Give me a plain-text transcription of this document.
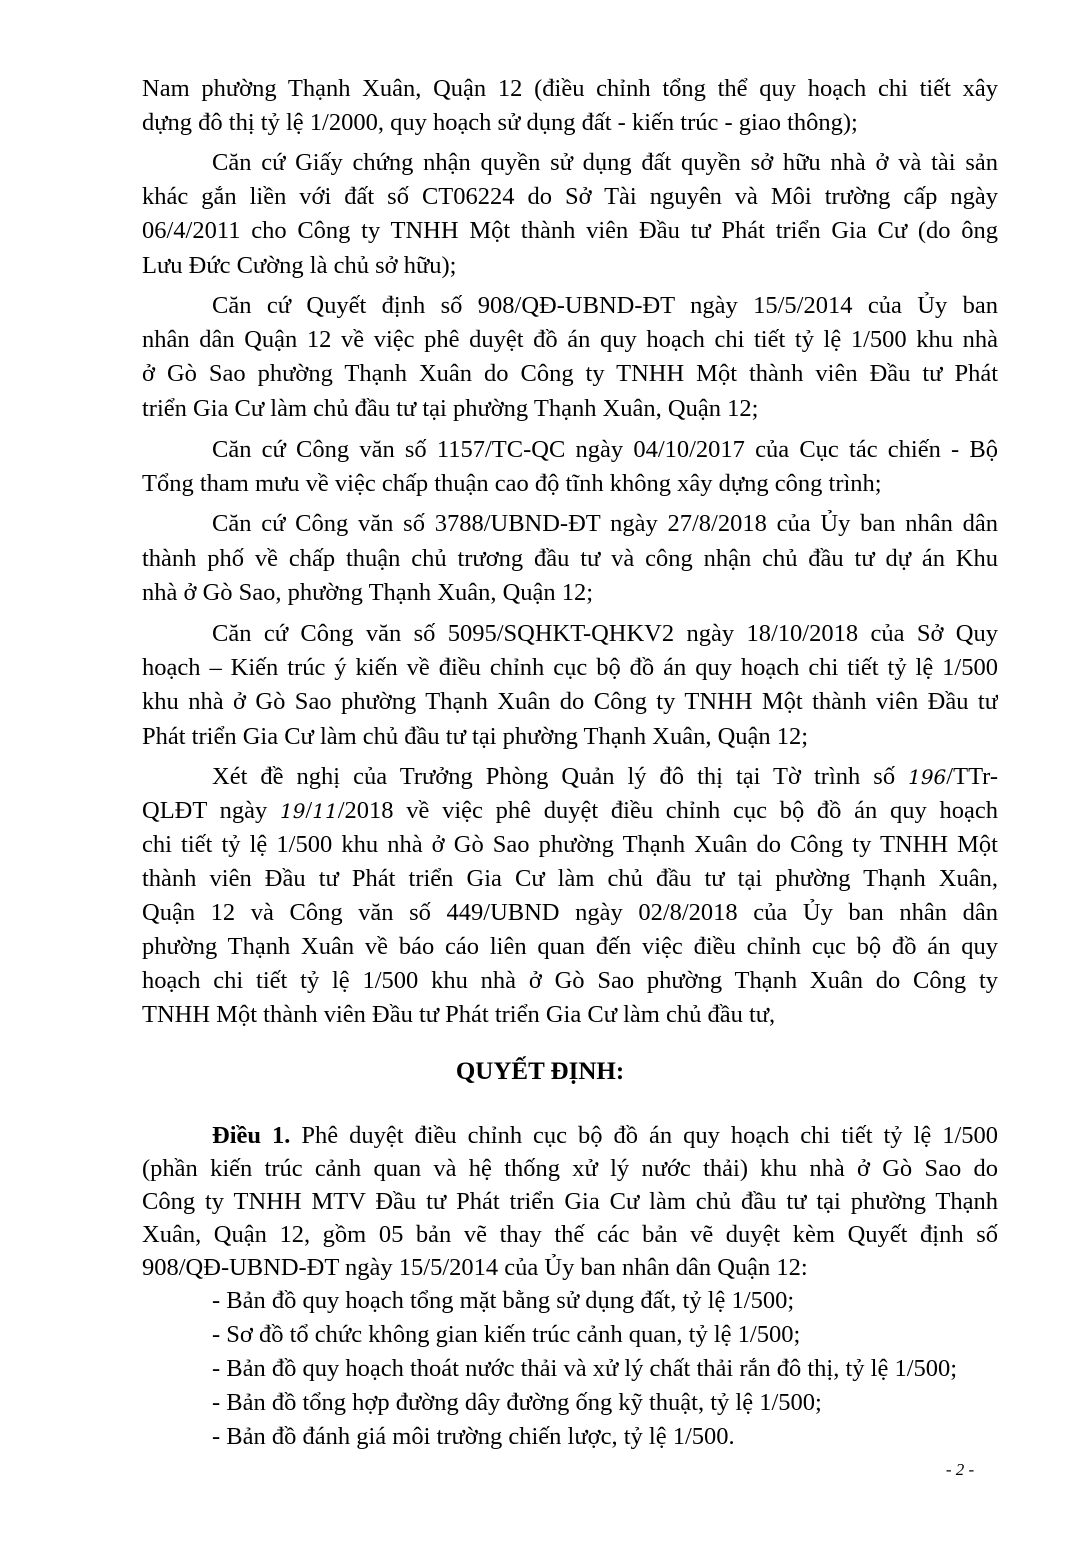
Nam phường Thạnh Xuân, Quận 12 (điều chỉnh tổng thể quy hoạch chi tiết xây
dựng đô thị tỷ lệ 1/2000, quy hoạch sử dụng đất - kiến trúc - giao thông);
Căn cứ Giấy chứng nhận quyền sử dụng đất quyền sở hữu nhà ở và tài sản
khác gắn liền với đất số CT06224 do Sở Tài nguyên và Môi trường cấp ngày
06/4/2011 cho Công ty TNHH Một thành viên Đầu tư Phát triển Gia Cư (do ông
Lưu Đức Cường là chủ sở hữu);
Căn cứ Quyết định số 908/QĐ-UBND-ĐT ngày 15/5/2014 của Ủy ban
nhân dân Quận 12 về việc phê duyệt đồ án quy hoạch chi tiết tỷ lệ 1/500 khu nhà
ở Gò Sao phường Thạnh Xuân do Công ty TNHH Một thành viên Đầu tư Phát
triển Gia Cư làm chủ đầu tư tại phường Thạnh Xuân, Quận 12;
Căn cứ Công văn số 1157/TC-QC ngày 04/10/2017 của Cục tác chiến - Bộ
Tổng tham mưu về việc chấp thuận cao độ tĩnh không xây dựng công trình;
Căn cứ Công văn số 3788/UBND-ĐT ngày 27/8/2018 của Ủy ban nhân dân
thành phố về chấp thuận chủ trương đầu tư và công nhận chủ đầu tư dự án Khu
nhà ở Gò Sao, phường Thạnh Xuân, Quận 12;
Căn cứ Công văn số 5095/SQHKT-QHKV2 ngày 18/10/2018 của Sở Quy
hoạch – Kiến trúc ý kiến về điều chỉnh cục bộ đồ án quy hoạch chi tiết tỷ lệ 1/500
khu nhà ở Gò Sao phường Thạnh Xuân do Công ty TNHH Một thành viên Đầu tư
Phát triển Gia Cư làm chủ đầu tư tại phường Thạnh Xuân, Quận 12;
Xét đề nghị của Trưởng Phòng Quản lý đô thị tại Tờ trình số 196/TTr-
QLĐT ngày 19/11/2018 về việc phê duyệt điều chỉnh cục bộ đồ án quy hoạch
chi tiết tỷ lệ 1/500 khu nhà ở Gò Sao phường Thạnh Xuân do Công ty TNHH Một
thành viên Đầu tư Phát triển Gia Cư làm chủ đầu tư tại phường Thạnh Xuân,
Quận 12 và Công văn số 449/UBND ngày 02/8/2018 của Ủy ban nhân dân
phường Thạnh Xuân về báo cáo liên quan đến việc điều chỉnh cục bộ đồ án quy
hoạch chi tiết tỷ lệ 1/500 khu nhà ở Gò Sao phường Thạnh Xuân do Công ty
TNHH Một thành viên Đầu tư Phát triển Gia Cư làm chủ đầu tư,
QUYẾT ĐỊNH:
Điều 1. Phê duyệt điều chỉnh cục bộ đồ án quy hoạch chi tiết tỷ lệ 1/500
(phần kiến trúc cảnh quan và hệ thống xử lý nước thải) khu nhà ở Gò Sao do
Công ty TNHH MTV Đầu tư Phát triển Gia Cư làm chủ đầu tư tại phường Thạnh
Xuân, Quận 12, gồm 05 bản vẽ thay thế các bản vẽ duyệt kèm Quyết định số
908/QĐ-UBND-ĐT ngày 15/5/2014 của Ủy ban nhân dân Quận 12:
- Bản đồ quy hoạch tổng mặt bằng sử dụng đất, tỷ lệ 1/500;
- Sơ đồ tổ chức không gian kiến trúc cảnh quan, tỷ lệ 1/500;
- Bản đồ quy hoạch thoát nước thải và xử lý chất thải rắn đô thị, tỷ lệ 1/500;
- Bản đồ tổng hợp đường dây đường ống kỹ thuật, tỷ lệ 1/500;
- Bản đồ đánh giá môi trường chiến lược, tỷ lệ 1/500.
- 2 -
